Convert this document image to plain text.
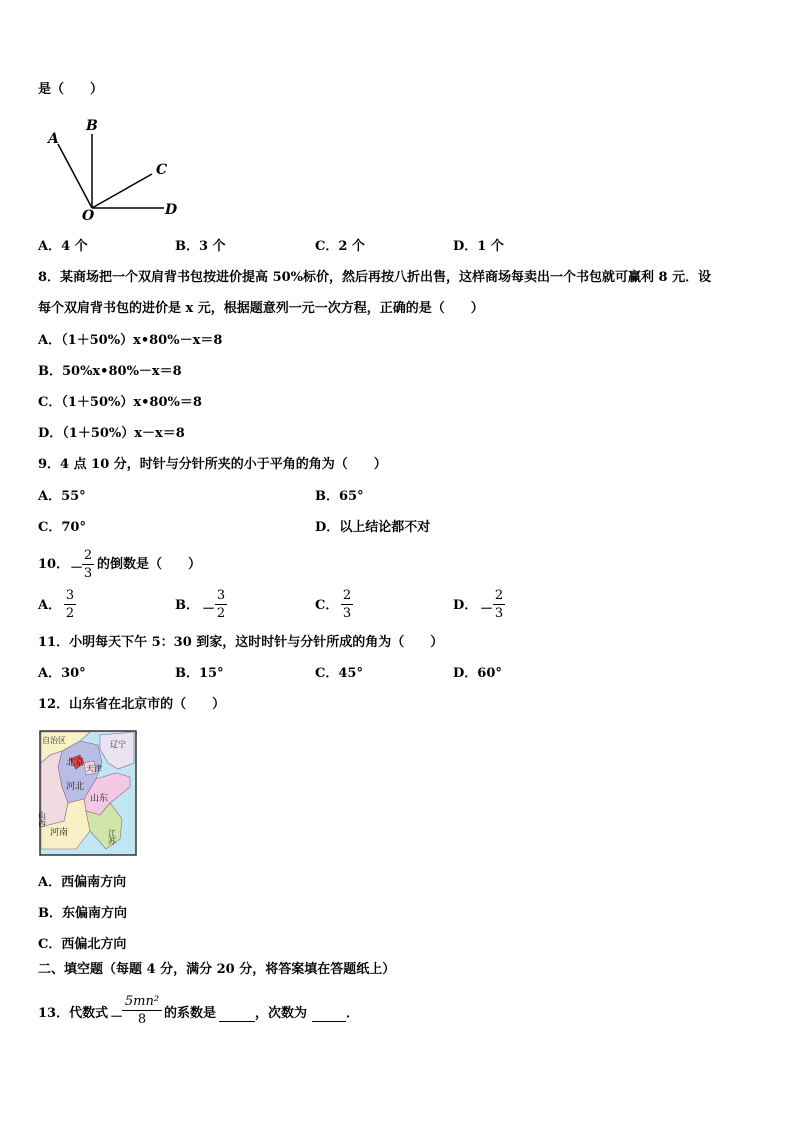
是（　　）
A
B
C
D
O
A．4 个	B．3 个	C．2 个	D．1 个
8．某商场把一个双肩背书包按进价提高 50%标价，然后再按八折出售，这样商场每卖出一个书包就可赢利 8 元．设
每个双肩背书包的进价是 x 元，根据题意列一元一次方程，正确的是（　　）
A．（1＋50%）x•80%－x＝8
B．50%x•80%－x＝8
C．（1＋50%）x•80%＝8
D．（1＋50%）x－x＝8
9．4 点 10 分，时针与分针所夹的小于平角的角为（　　）
A．55°	B．65°
C．70°	D．以上结论都不对
10． －
2
3
的倒数是（　　）
A．
3
2
B． －
3
2
C．
2
3
D． －
2
3
11．小明每天下午 5：30 到家，这时时针与分针所成的角为（　　）
A．30°	B．15°	C．45°	D．60°
12．山东省在北京市的（　　）
自治区
北京
天津
辽宁
河北
山东
山西
河南	江苏
A．西偏南方向
B．东偏南方向
C．西偏北方向
二、填空题（每题 4 分，满分 20 分，将答案填在答题纸上）
13．代数式 －
5mn²
8	的系数是	，次数为	．
